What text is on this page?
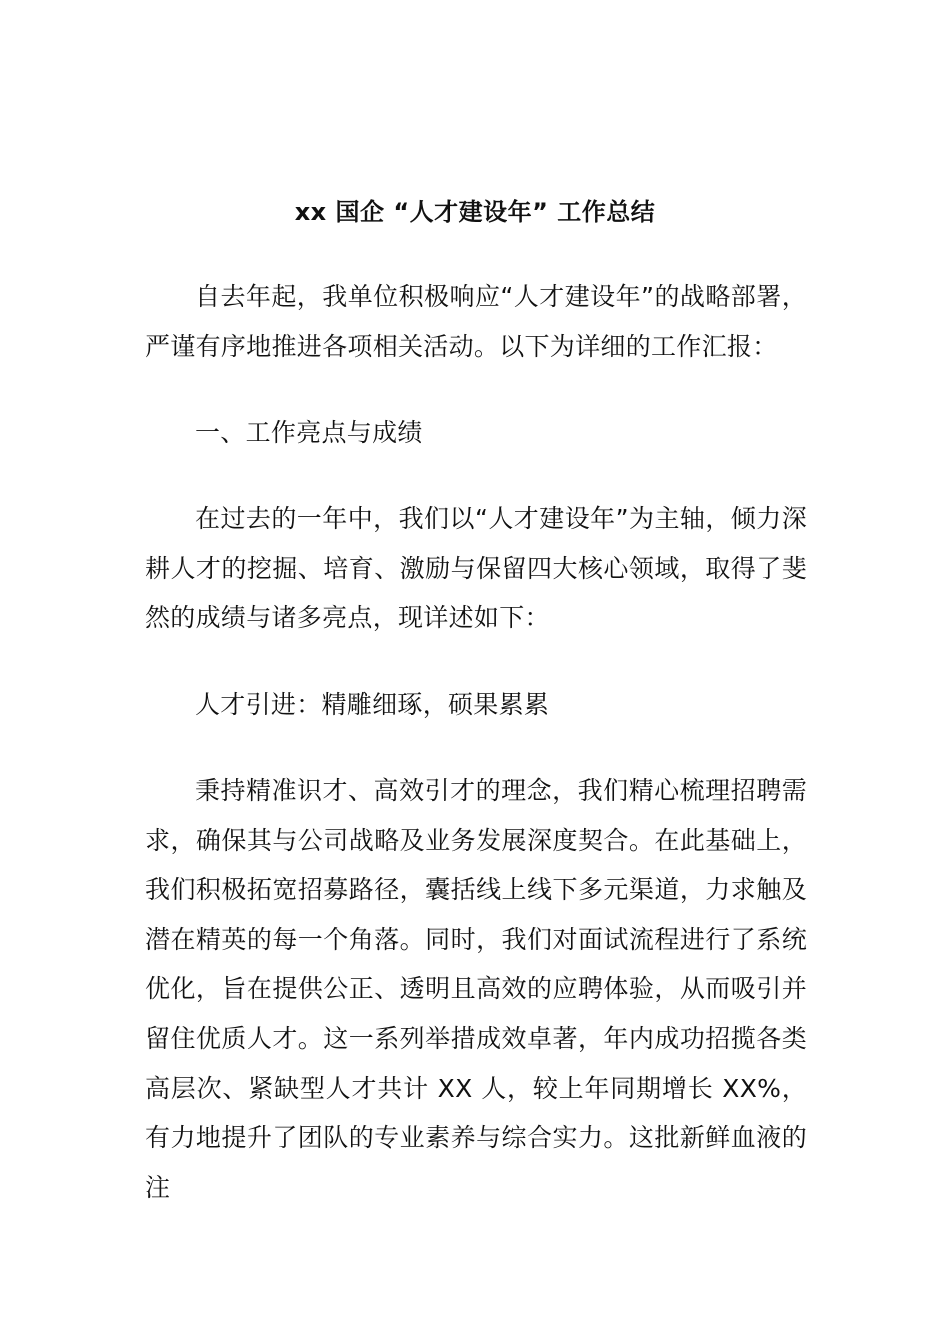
xx 国企 “人才建设年” 工作总结

自去年起，我单位积极响应“人才建设年”的战略部署，严谨有序地推进各项相关活动。以下为详细的工作汇报：

一、工作亮点与成绩

在过去的一年中，我们以“人才建设年”为主轴，倾力深耕人才的挖掘、培育、激励与保留四大核心领域，取得了斐然的成绩与诸多亮点，现详述如下：

人才引进：精雕细琢，硕果累累

秉持精准识才、高效引才的理念，我们精心梳理招聘需求，确保其与公司战略及业务发展深度契合。在此基础上，我们积极拓宽招募路径，囊括线上线下多元渠道，力求触及潜在精英的每一个角落。同时，我们对面试流程进行了系统优化，旨在提供公正、透明且高效的应聘体验，从而吸引并留住优质人才。这一系列举措成效卓著，年内成功招揽各类高层次、紧缺型人才共计 XX 人，较上年同期增长 XX%，有力地提升了团队的专业素养与综合实力。这批新鲜血液的注
